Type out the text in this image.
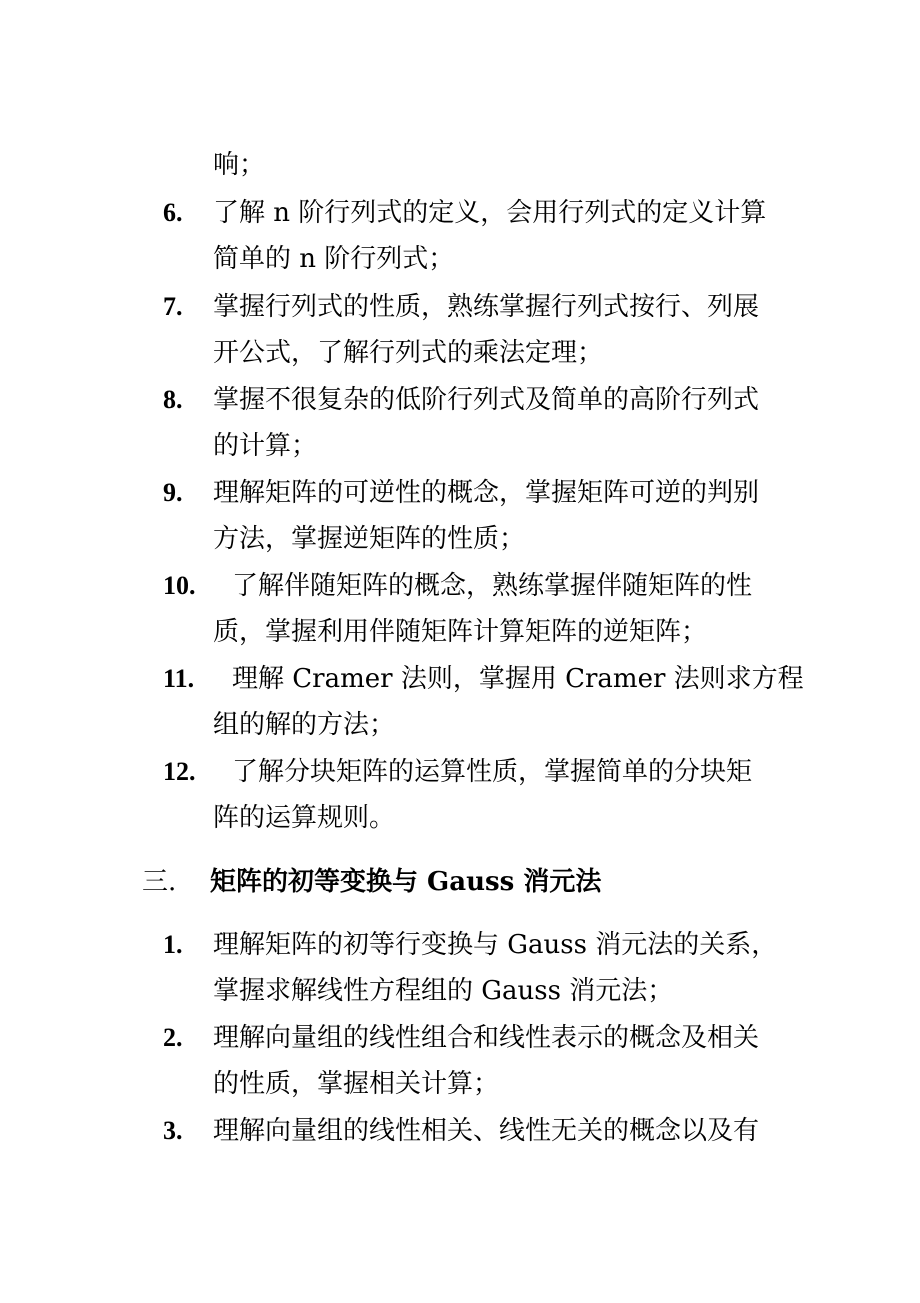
响；
6. 了解 n 阶行列式的定义，会用行列式的定义计算
简单的 n 阶行列式；
7. 掌握行列式的性质，熟练掌握行列式按行、列展
开公式，了解行列式的乘法定理；
8. 掌握不很复杂的低阶行列式及简单的高阶行列式
的计算；
9. 理解矩阵的可逆性的概念，掌握矩阵可逆的判别
方法，掌握逆矩阵的性质；
10. 了解伴随矩阵的概念，熟练掌握伴随矩阵的性
质，掌握利用伴随矩阵计算矩阵的逆矩阵；
11. 理解 Cramer 法则，掌握用 Cramer 法则求方程
组的解的方法；
12. 了解分块矩阵的运算性质，掌握简单的分块矩
阵的运算规则。
三. 矩阵的初等变换与 Gauss 消元法
1. 理解矩阵的初等行变换与 Gauss 消元法的关系，
掌握求解线性方程组的 Gauss 消元法；
2. 理解向量组的线性组合和线性表示的概念及相关
的性质，掌握相关计算；
3. 理解向量组的线性相关、线性无关的概念以及有
